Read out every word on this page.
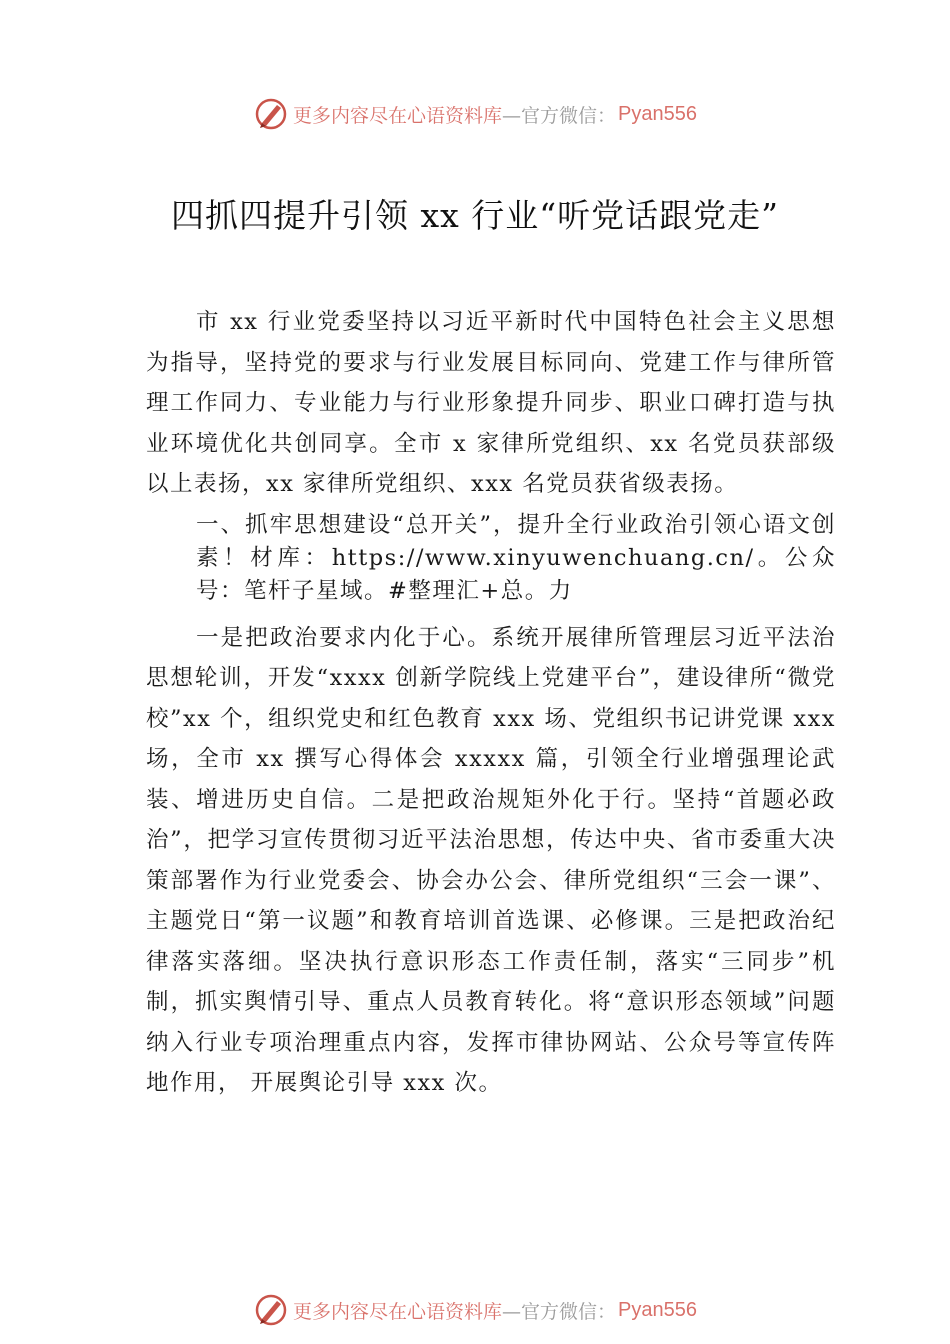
更多内容尽在心语资料库 —官方微信： Pyan556
四抓四提升引领 xx 行业“听党话跟党走”

市 xx 行业党委坚持以习近平新时代中国特色社会主义思想为指导，坚持党的要求与行业发展目标同向、党建工作与律所管理工作同力、专业能力与行业形象提升同步、职业口碑打造与执业环境优化共创同享。全市 x 家律所党组织、xx 名党员获部级以上表扬，xx 家律所党组织、xxx 名党员获省级表扬。

一、抓牢思想建设“总开关”，提升全行业政治引领心语文创素！材库：https://www.xinyuwenchuang.cn/。公众号：笔杆子星域。#整理汇+总。力

一是把政治要求内化于心。系统开展律所管理层习近平法治思想轮训，开发“xxxx 创新学院线上党建平台”，建设律所“微党校”xx 个，组织党史和红色教育 xxx 场、党组织书记讲党课 xxx 场，全市 xx 撰写心得体会 xxxxx 篇，引领全行业增强理论武装、增进历史自信。二是把政治规矩外化于行。坚持“首题必政治”，把学习宣传贯彻习近平法治思想，传达中央、省市委重大决策部署作为行业党委会、协会办公会、律所党组织“三会一课”、主题党日“第一议题”和教育培训首选课、必修课。三是把政治纪律落实落细。坚决执行意识形态工作责任制，落实“三同步”机制，抓实舆情引导、重点人员教育转化。将“意识形态领域”问题纳入行业专项治理重点内容，发挥市律协网站、公众号等宣传阵地作用， 开展舆论引导 xxx 次。

更多内容尽在心语资料库 —官方微信： Pyan556
